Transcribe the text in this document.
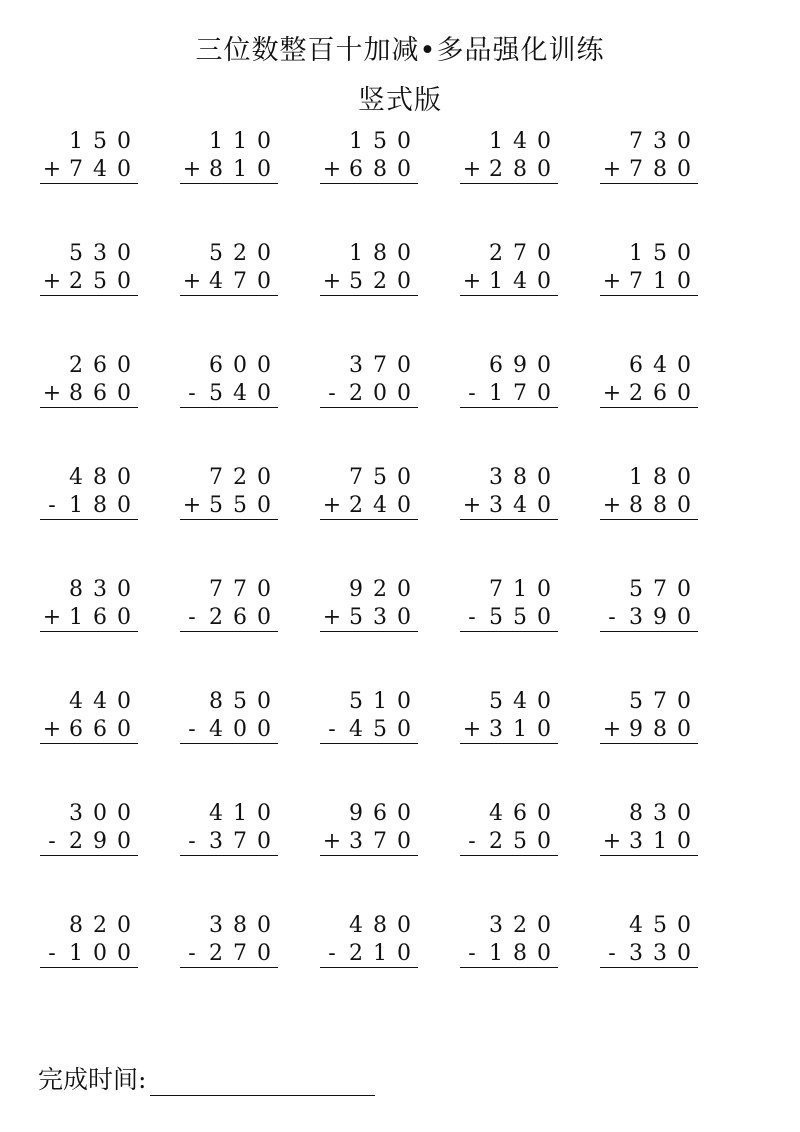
三位数整百十加减•多品强化训练
竖式版
1 5 0
+ 7 4 0
1 1 0
+ 8 1 0
1 5 0
+ 6 8 0
1 4 0
+ 2 8 0
7 3 0
+ 7 8 0
5 3 0
+ 2 5 0
5 2 0
+ 4 7 0
1 8 0
+ 5 2 0
2 7 0
+ 1 4 0
1 5 0
+ 7 1 0
2 6 0
+ 8 6 0
6 0 0
- 5 4 0
3 7 0
- 2 0 0
6 9 0
- 1 7 0
6 4 0
+ 2 6 0
4 8 0
- 1 8 0
7 2 0
+ 5 5 0
7 5 0
+ 2 4 0
3 8 0
+ 3 4 0
1 8 0
+ 8 8 0
8 3 0
+ 1 6 0
7 7 0
- 2 6 0
9 2 0
+ 5 3 0
7 1 0
- 5 5 0
5 7 0
- 3 9 0
4 4 0
+ 6 6 0
8 5 0
- 4 0 0
5 1 0
- 4 5 0
5 4 0
+ 3 1 0
5 7 0
+ 9 8 0
3 0 0
- 2 9 0
4 1 0
- 3 7 0
9 6 0
+ 3 7 0
4 6 0
- 2 5 0
8 3 0
+ 3 1 0
8 2 0
- 1 0 0
3 8 0
- 2 7 0
4 8 0
- 2 1 0
3 2 0
- 1 8 0
4 5 0
- 3 3 0
完成时间:
